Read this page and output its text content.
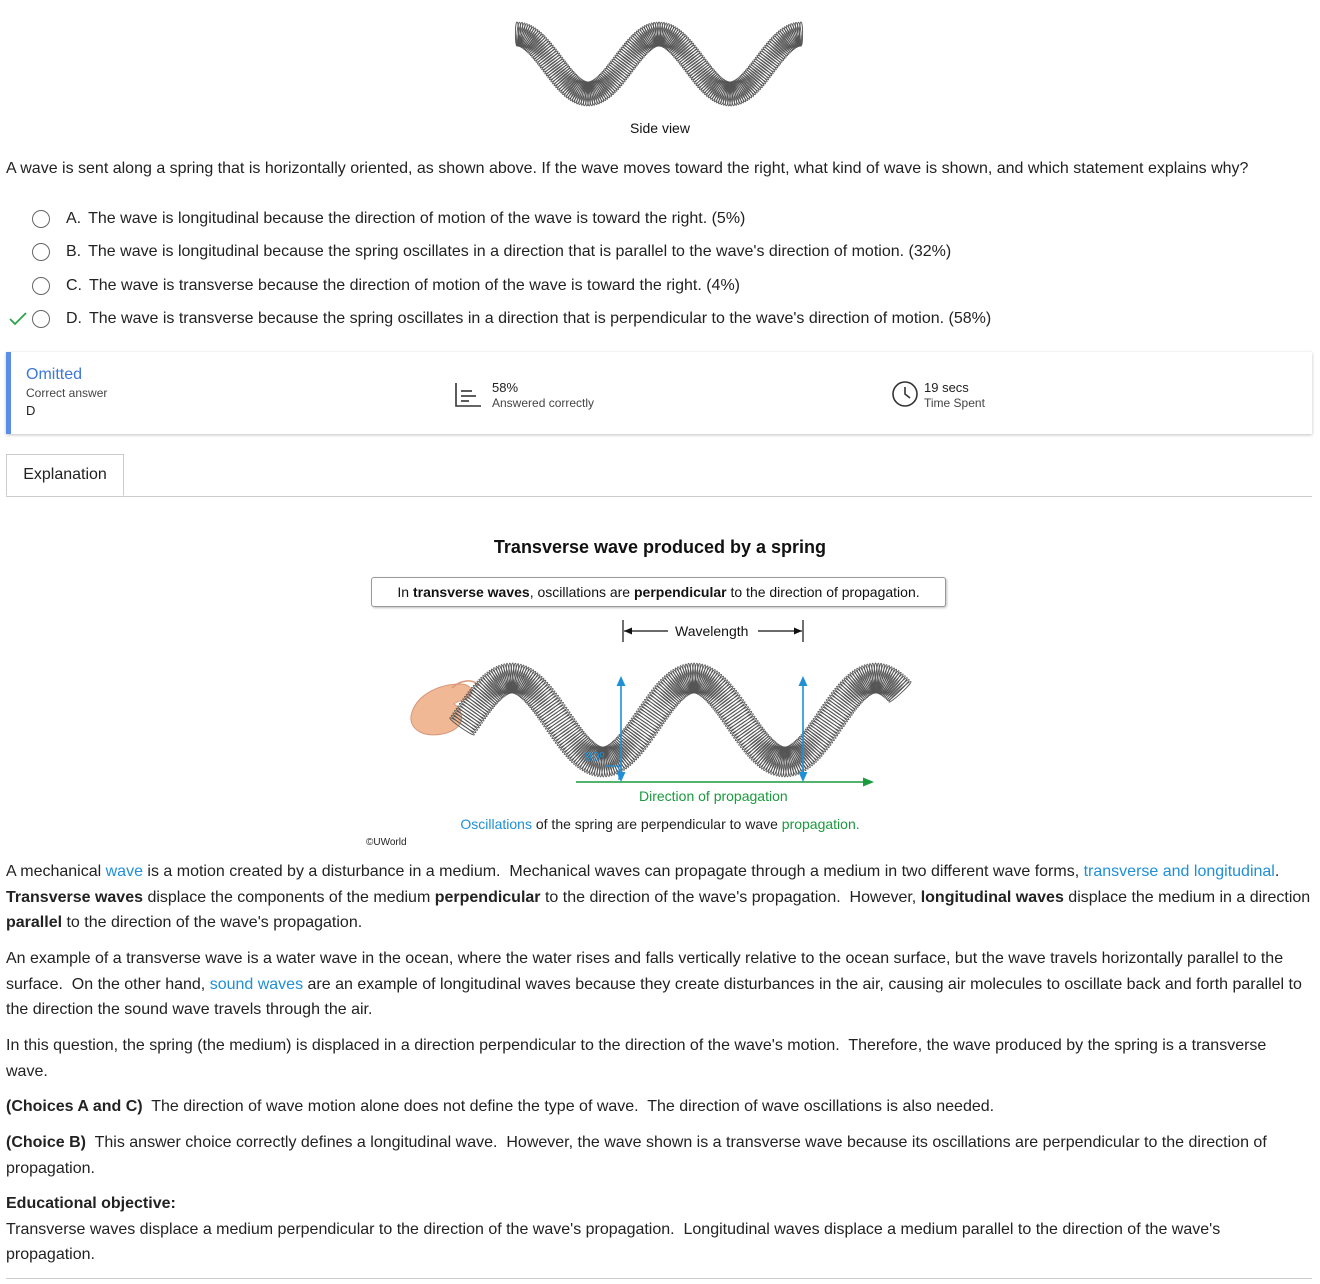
Side view
A wave is sent along a spring that is horizontally oriented, as shown above. If the wave moves toward the right, what kind of wave is shown, and which statement explains why?
A. The wave is longitudinal because the direction of motion of the wave is toward the right.
(5%)
B. The wave is longitudinal because the spring oscillates in a direction that is parallel to the wave's direction of motion.
(32%)
C. The wave is transverse because the direction of motion of the wave is toward the right.
(4%)
D. The wave is transverse because the spring oscillates in a direction that is perpendicular to the wave's direction of motion.
(58%)
Omitted
Correct answer
D
58%
Answered correctly
19 secs
Time Spent
Explanation
Transverse wave produced by a spring
In transverse waves , oscillations are perpendicular to the direction of propagation.
Wavelength
90º
Direction of propagation
Oscillations of the spring are perpendicular to wave propagation.
©UWorld

A mechanical wave is a motion created by a disturbance in a medium.  Mechanical waves can propagate through a medium in two different wave forms, transverse and longitudinal.  Transverse waves displace the components of the medium perpendicular to the direction of the wave's propagation.  However, longitudinal waves displace the medium in a direction parallel to the direction of the wave's propagation.

An example of a transverse wave is a water wave in the ocean, where the water rises and falls vertically relative to the ocean surface, but the wave travels horizontally parallel to the surface.  On the other hand, sound waves are an example of longitudinal waves because they create disturbances in the air, causing air molecules to oscillate back and forth parallel to the direction the sound wave travels through the air.

In this question, the spring (the medium) is displaced in a direction perpendicular to the direction of the wave's motion.  Therefore, the wave produced by the spring is a transverse wave.

(Choices A and C)  The direction of wave motion alone does not define the type of wave.  The direction of wave oscillations is also needed.

(Choice B)  This answer choice correctly defines a longitudinal wave.  However, the wave shown is a transverse wave because its oscillations are perpendicular to the direction of propagation.

Educational objective:

Transverse waves displace a medium perpendicular to the direction of the wave's propagation.  Longitudinal waves displace a medium parallel to the direction of the wave's propagation.
